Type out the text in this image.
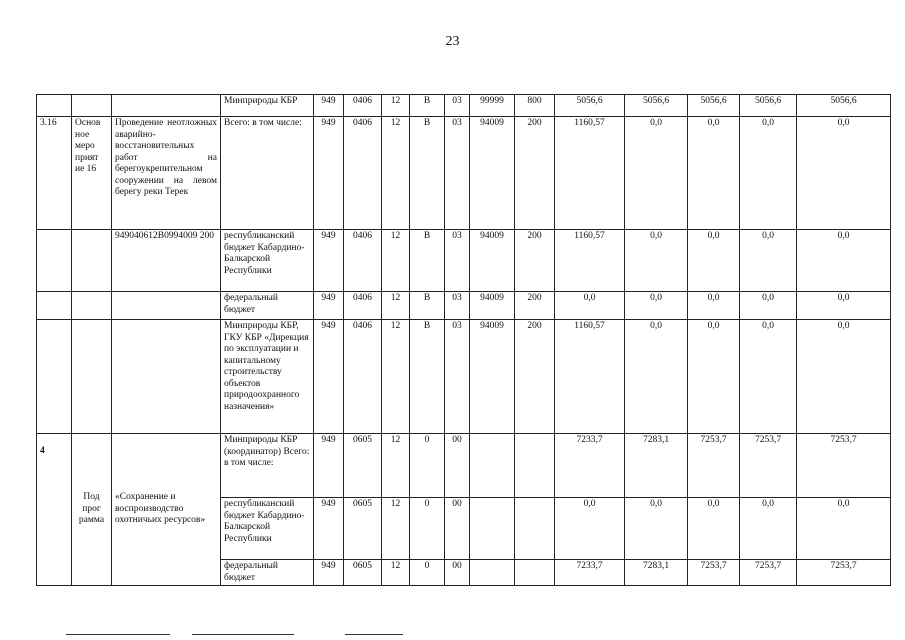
23
			Минприроды КБР	949	0406	12	В	03	99999	800	5056,6	5056,6	5056,6	5056,6	5056,6
3.16	Основ ное меро прият ие 16	Проведение неотложных аварийно-восстановительных работ на берегоукрепительном сооружении на левом берегу реки Терек	Всего: в том числе:	949	0406	12	В	03	94009	200	1160,57	0,0	0,0	0,0	0,0
		949040612В0994009 200	республиканский бюджет Кабардино-Балкарской Республики	949	0406	12	В	03	94009	200	1160,57	0,0	0,0	0,0	0,0
			федеральный бюджет	949	0406	12	В	03	94009	200	0,0	0,0	0,0	0,0	0,0
			Минприроды КБР, ГКУ КБР «Дирекция по эксплуатации и капитальному строительству объектов природоохранного назначения»	949	0406	12	В	03	94009	200	1160,57	0,0	0,0	0,0	0,0
4	Под прог рамма	«Сохранение и воспроизводство охотничьих ресурсов»	Минприроды КБР (координатор) Всего: в том числе:	949	0605	12	0	00			7233,7	7283,1	7253,7	7253,7	7253,7
			республиканский бюджет Кабардино-Балкарской Республики	949	0605	12	0	00			0,0	0,0	0,0	0,0	0,0
			федеральный бюджет	949	0605	12	0	00			7233,7	7283,1	7253,7	7253,7	7253,7
